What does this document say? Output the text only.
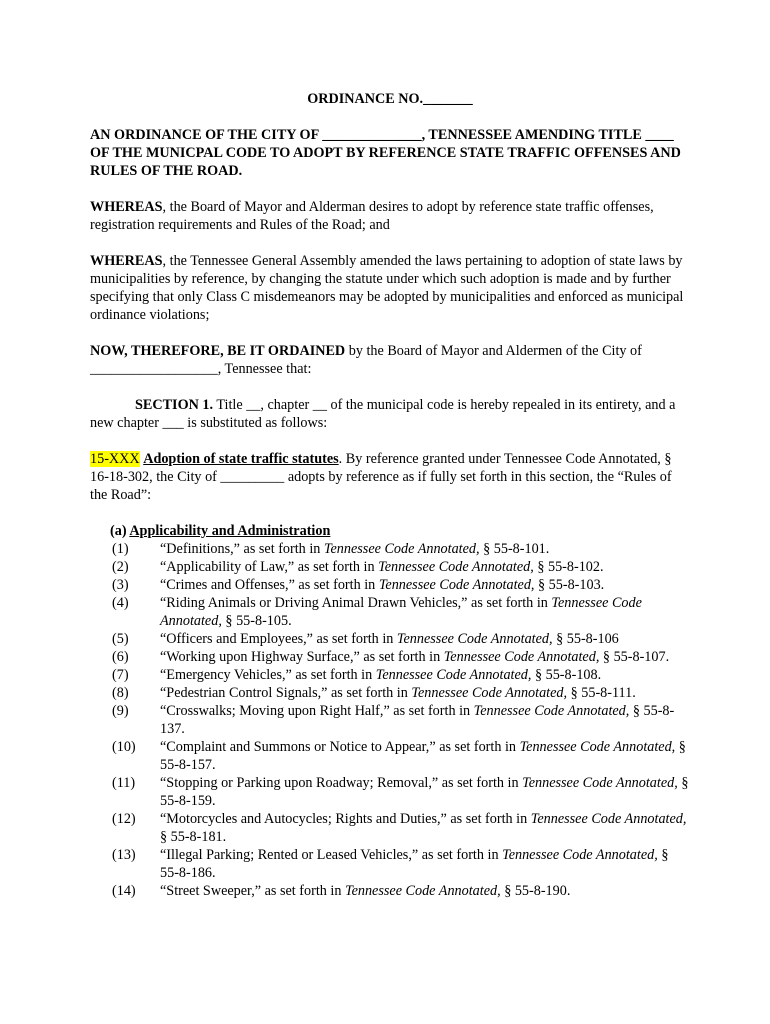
ORDINANCE NO._______
AN ORDINANCE OF THE CITY OF ______________, TENNESSEE AMENDING TITLE ____ OF THE MUNICPAL CODE TO ADOPT BY REFERENCE STATE TRAFFIC OFFENSES AND RULES OF THE ROAD.

WHEREAS, the Board of Mayor and Alderman desires to adopt by reference state traffic offenses, registration requirements and Rules of the Road; and

WHEREAS, the Tennessee General Assembly amended the laws pertaining to adoption of state laws by municipalities by reference, by changing the statute under which such adoption is made and by further specifying that only Class C misdemeanors may be adopted by municipalities and enforced as municipal ordinance violations;

NOW, THEREFORE, BE IT ORDAINED by the Board of Mayor and Aldermen of the City of __________________, Tennessee that:

SECTION 1. Title __, chapter __ of the municipal code is hereby repealed in its entirety, and a new chapter ___ is substituted as follows:

15-XXX Adoption of state traffic statutes. By reference granted under Tennessee Code Annotated, § 16-18-302, the City of _________ adopts by reference as if fully set forth in this section, the “Rules of the Road”:

(a) Applicability and Administration
(1)	“Definitions,” as set forth in Tennessee Code Annotated, § 55-8-101.
(2)	“Applicability of Law,” as set forth in Tennessee Code Annotated, § 55-8-102.
(3)	“Crimes and Offenses,” as set forth in Tennessee Code Annotated, § 55-8-103.
(4)	“Riding Animals or Driving Animal Drawn Vehicles,” as set forth in Tennessee Code Annotated, § 55-8-105.
(5)	“Officers and Employees,” as set forth in Tennessee Code Annotated, § 55-8-106
(6)	“Working upon Highway Surface,” as set forth in Tennessee Code Annotated, § 55-8-107.
(7)	“Emergency Vehicles,” as set forth in Tennessee Code Annotated, § 55-8-108.
(8)	“Pedestrian Control Signals,” as set forth in Tennessee Code Annotated, § 55-8-111.
(9)	“Crosswalks; Moving upon Right Half,” as set forth in Tennessee Code Annotated, § 55-8-137.
(10)	“Complaint and Summons or Notice to Appear,” as set forth in Tennessee Code Annotated, § 55-8-157.
(11)	“Stopping or Parking upon Roadway; Removal,” as set forth in Tennessee Code Annotated, § 55-8-159.
(12)	“Motorcycles and Autocycles; Rights and Duties,” as set forth in Tennessee Code Annotated, § 55-8-181.
(13)	“Illegal Parking; Rented or Leased Vehicles,” as set forth in Tennessee Code Annotated, § 55-8-186.
(14)	“Street Sweeper,” as set forth in Tennessee Code Annotated, § 55-8-190.
